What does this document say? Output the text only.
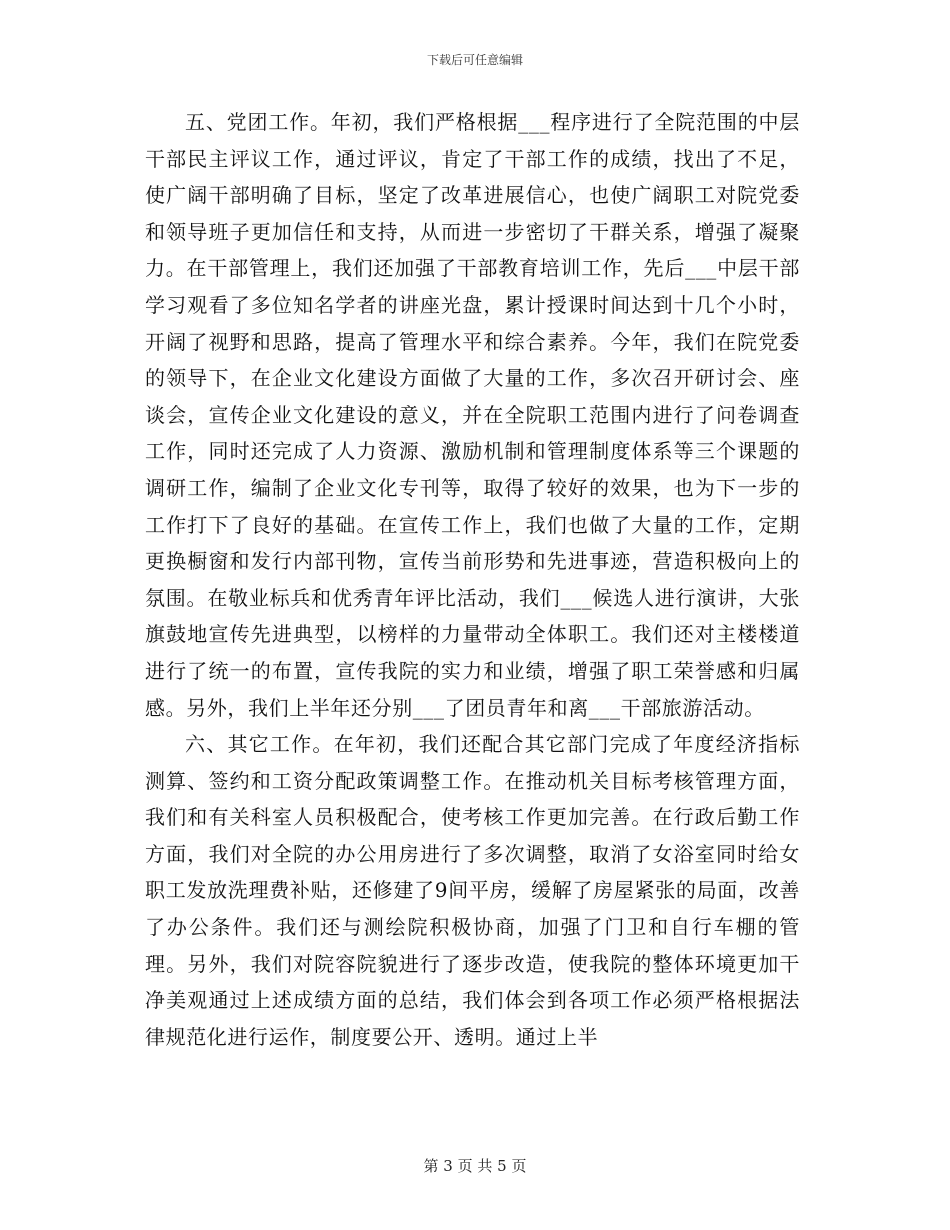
下载后可任意编辑

五、党团工作。年初，我们严格根据___程序进行了全院范围的中层干部民主评议工作，通过评议，肯定了干部工作的成绩，找出了不足，使广阔干部明确了目标，坚定了改革进展信心，也使广阔职工对院党委和领导班子更加信任和支持，从而进一步密切了干群关系，增强了凝聚力。在干部管理上，我们还加强了干部教育培训工作，先后___中层干部学习观看了多位知名学者的讲座光盘，累计授课时间达到十几个小时，开阔了视野和思路，提高了管理水平和综合素养。今年，我们在院党委的领导下，在企业文化建设方面做了大量的工作，多次召开研讨会、座谈会，宣传企业文化建设的意义，并在全院职工范围内进行了问卷调查工作，同时还完成了人力资源、激励机制和管理制度体系等三个课题的调研工作，编制了企业文化专刊等，取得了较好的效果，也为下一步的工作打下了良好的基础。在宣传工作上，我们也做了大量的工作，定期更换橱窗和发行内部刊物，宣传当前形势和先进事迹，营造积极向上的氛围。在敬业标兵和优秀青年评比活动，我们___候选人进行演讲，大张旗鼓地宣传先进典型，以榜样的力量带动全体职工。我们还对主楼楼道进行了统一的布置，宣传我院的实力和业绩，增强了职工荣誉感和归属感。另外，我们上半年还分别___了团员青年和离___干部旅游活动。

六、其它工作。在年初，我们还配合其它部门完成了年度经济指标测算、签约和工资分配政策调整工作。在推动机关目标考核管理方面，我们和有关科室人员积极配合，使考核工作更加完善。在行政后勤工作方面，我们对全院的办公用房进行了多次调整，取消了女浴室同时给女职工发放洗理费补贴，还修建了9间平房，缓解了房屋紧张的局面，改善了办公条件。我们还与测绘院积极协商，加强了门卫和自行车棚的管理。另外，我们对院容院貌进行了逐步改造，使我院的整体环境更加干净美观通过上述成绩方面的总结，我们体会到各项工作必须严格根据法律规范化进行运作，制度要公开、透明。通过上半

第 3 页 共 5 页
